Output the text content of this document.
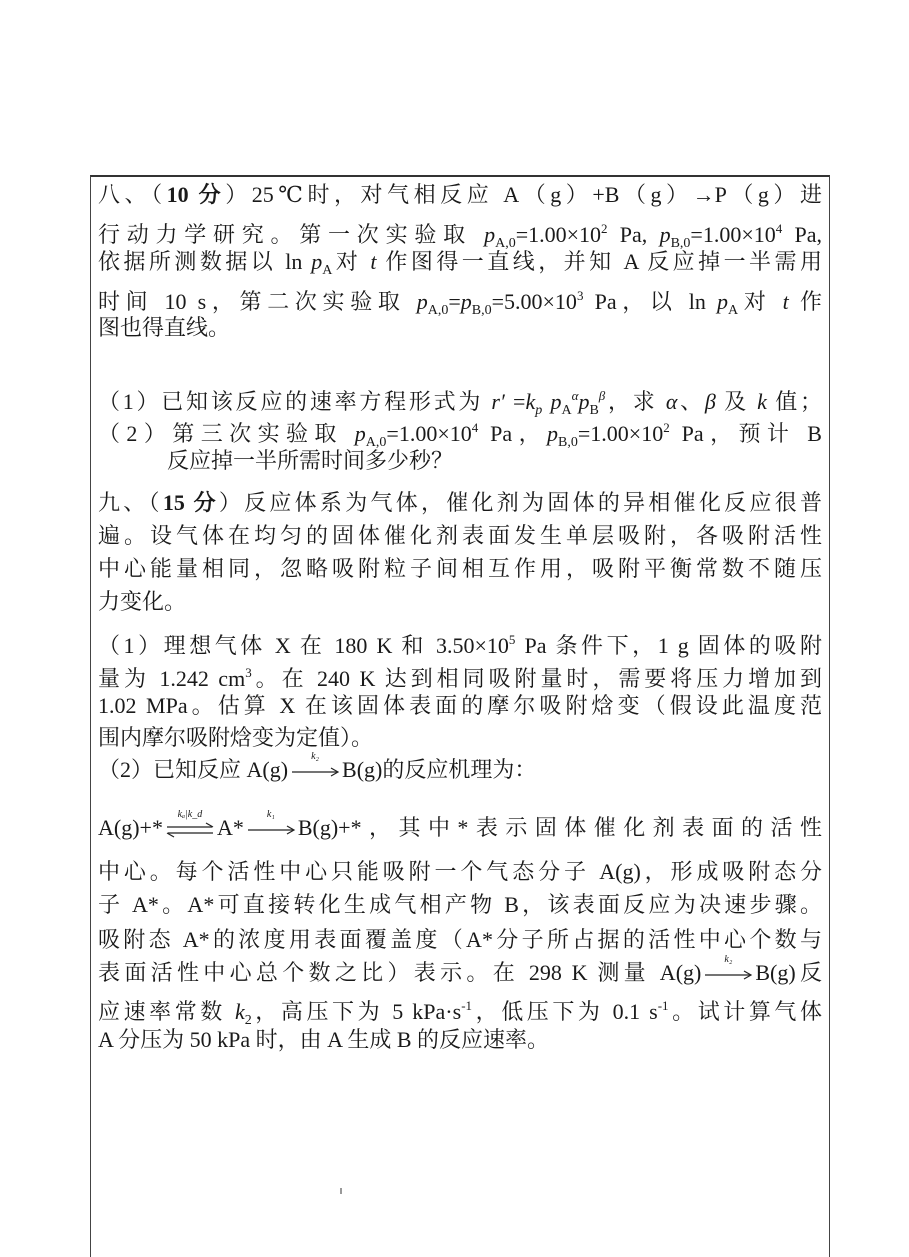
八、（10 分）25℃时，对气相反应 A（g）+B（g）→P（g）进
行动力学研究。第一次实验取 $p_{A,0}=1.00\times 10^2$ Pa, $p_{B,0}=1.00\times 10^4$ Pa,
依据所测数据以 $\ln p_A$对 t 作图得一直线，并知 A 反应掉一半需用
时间 10 s，第二次实验取 $p_{A,0}=p_{B,0}=5.00\times 10^3$ Pa，以 $\ln p_A$对 t 作
图也得直线。
（1）已知该反应的速率方程形式为 $r' =k_p$ $p_A^\alpha p_B^\beta$，求 α、β 及 k 值；
（2）第三次实验取 $p_{A,0}=1.00\times 10^4$ Pa，$p_{B,0}=1.00\times 10^2$ Pa，预计 B
反应掉一半所需时间多少秒？
九、（15 分）反应体系为气体，催化剂为固体的异相催化反应很普
遍。设气体在均匀的固体催化剂表面发生单层吸附，各吸附活性
中心能量相同，忽略吸附粒子间相互作用，吸附平衡常数不随压
力变化。
（1）理想气体 X 在 180 K 和 $3.50\times 10^5$ Pa 条件下，1 g 固体的吸附
量为 1.242 $cm^3$。在 240 K 达到相同吸附量时，需要将压力增加到
1.02 MPa。估算 X 在该固体表面的摩尔吸附焓变（假设此温度范
围内摩尔吸附焓变为定值）。
（2）已知反应 A(g)
k₂
B(g)的反应机理为：
A(g)+*
kₐ|k_d
A*
k₁
B(g)+*，其中*表示固体催化剂表面的活性
中心。每个活性中心只能吸附一个气态分子 A(g)，形成吸附态分
子 A*。A*可直接转化生成气相产物 B，该表面反应为决速步骤。
吸附态 A*的浓度用表面覆盖度（A*分子所占据的活性中心个数与
表面活性中心总个数之比）表示。在 298 K 测量 A(g)
k₂
B(g)反
应速率常数 $k_2$，高压下为 5 $kPa\cdot s^{-1}$，低压下为 0.1 $s^{-1}$。试计算气体
A 分压为 50 kPa 时，由 A 生成 B 的反应速率。
